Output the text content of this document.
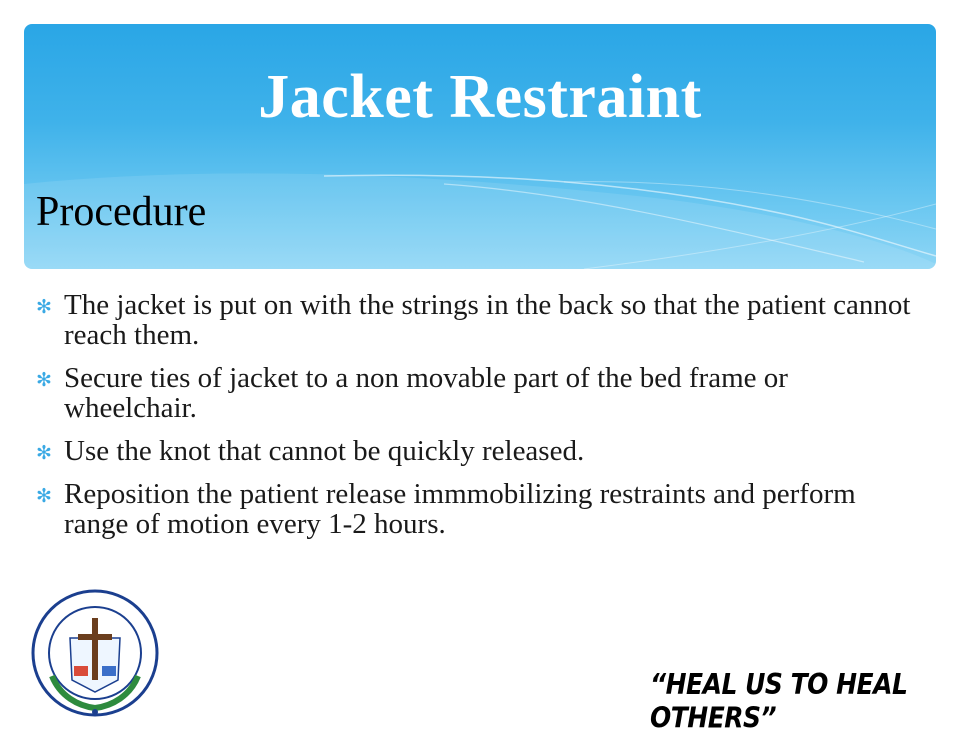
Jacket Restraint
Procedure
✻ The jacket is put on with the strings in the back so that the patient cannot reach them.
✻ Secure ties of jacket to a non movable part of the bed frame or wheelchair.
✻ Use the knot that cannot be quickly released.
✻ Reposition the patient release immmobilizing restraints and perform range of motion every 1-2 hours.
“HEAL US TO HEAL OTHERS”
